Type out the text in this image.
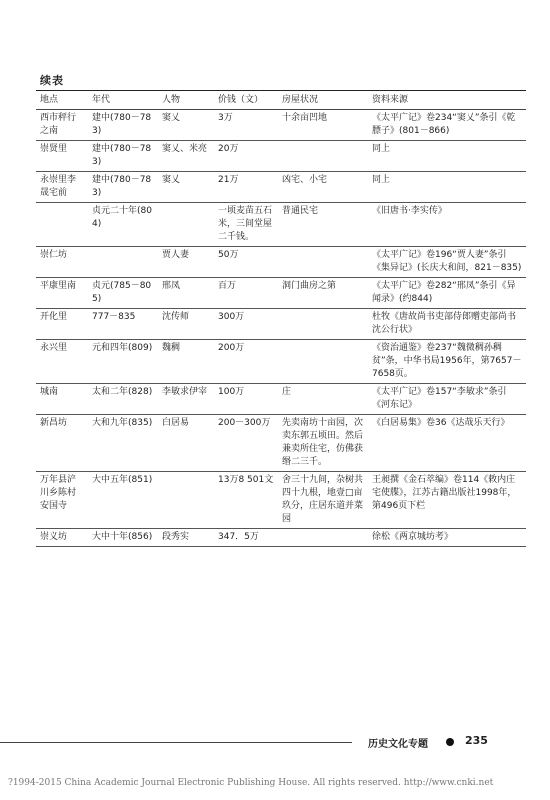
续表
地点	年代	人物	价钱（文）	房屋状况	资料来源
西市秤行之南	建中(780－783)	窦乂	3万	十余亩凹地	《太平广记》卷234“窦乂”条引《乾膘子》(801－866)
崇贤里	建中(780－783)	窦乂、米亮	20万		同上
永崇里李晟宅前	建中(780－783)	窦乂	21万	凶宅、小宅	同上
	贞元二十年(804)		一顷麦苗五石米，三间堂屋二千钱。	普通民宅	《旧唐书·李实传》
崇仁坊		贾人妻	50万		《太平广记》卷196“贾人妻”条引《集异记》(长庆大和间，821－835)
平康里南	贞元(785－805)	邢凤	百万	洞门曲房之第	《太平广记》卷282“邢凤”条引《异闻录》(约844)
开化里	777－835	沈传师	300万		杜牧《唐故尚书吏部侍郎赠吏部尚书沈公行状》
永兴里	元和四年(809)	魏稠	200万		《资治通鉴》卷237“魏微稠孙稠贫”条，中华书局1956年，第7657－7658页。
城南	太和二年(828)	李敏求伊宰	100万	庄	《太平广记》卷157“李敏求”条引《河东记》
新昌坊	大和九年(835)	白居易	200－300万	先卖南坊十亩园，次卖东郭五顷田。然后兼卖所住宅，仿佛获缗二三千。	《白居易集》卷36《达哉乐天行》
万年县浐川乡陈村安国寺	大中五年(851)		13万8 501文	舍三十九间，杂树共四十九根，地壹□亩玖分，庄居东道并菜园	王昶撰《金石萃编》卷114《敕内庄宅使牒》，江苏古籍出版社1998年，第496页下栏
崇义坊	大中十年(856)	段秀实	347．5万		徐松《两京城坊考》
历史文化专题	235
?1994-2015 China Academic Journal Electronic Publishing House. All rights reserved. http://www.cnki.net
